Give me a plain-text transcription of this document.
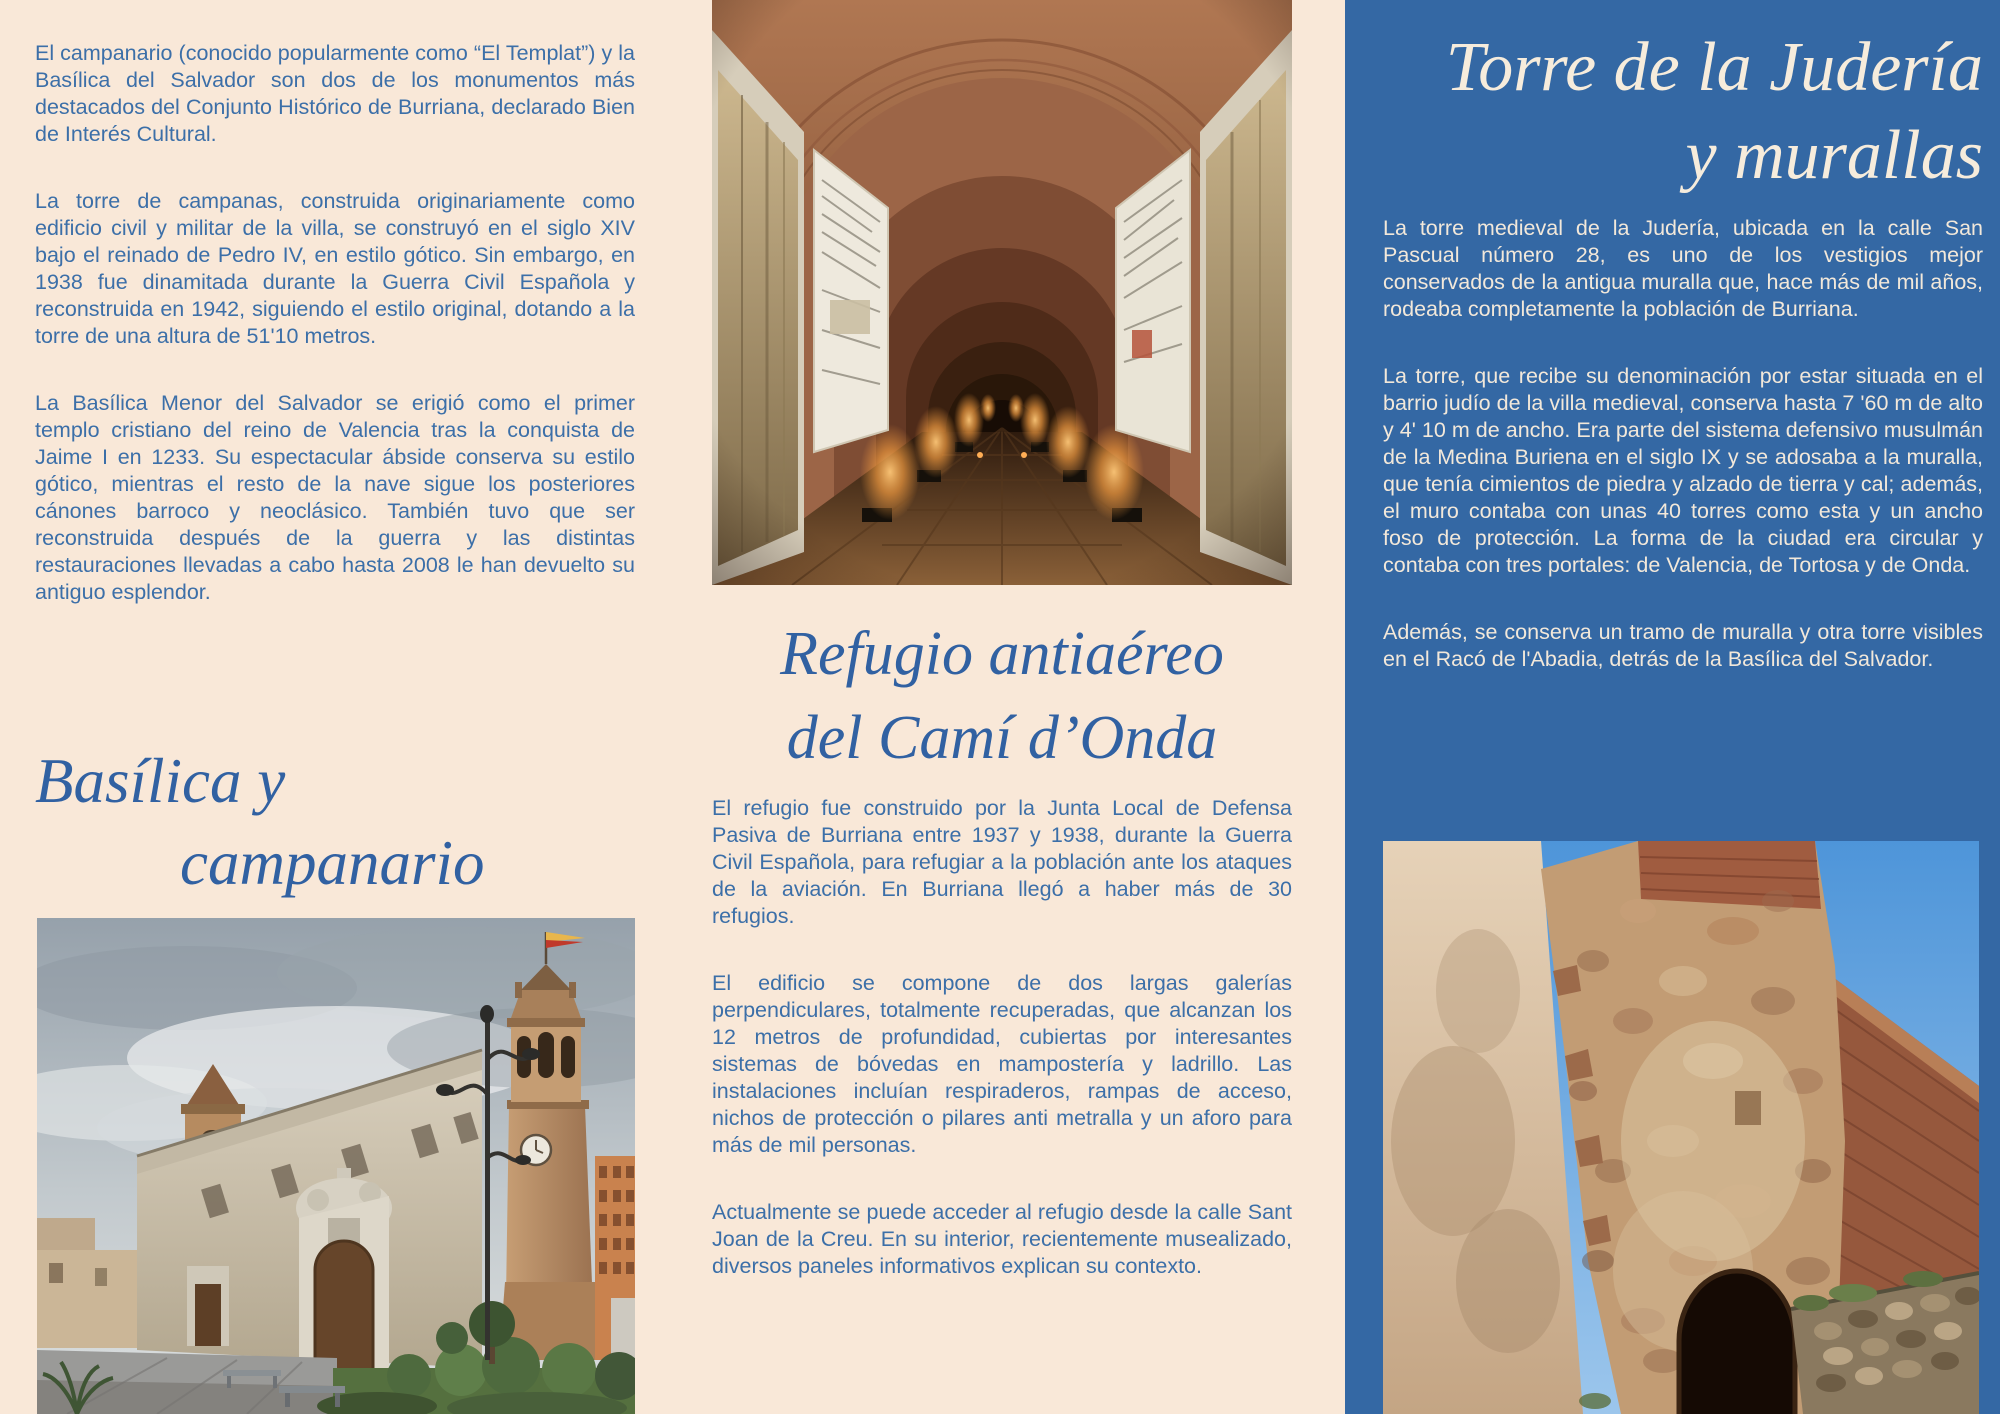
El campanario (conocido popularmente como “El Templat”) y la Basílica del Salvador son dos de los monumentos más destacados del Conjunto Histórico de Burriana, declarado Bien de Interés Cultural.

La torre de campanas, construida originariamente como edificio civil y militar de la villa, se construyó en el siglo XIV bajo el reinado de Pedro IV, en estilo gótico. Sin embargo, en 1938 fue dinamitada durante la Guerra Civil Española y reconstruida en 1942, siguiendo el estilo original, dotando a la torre de una altura de 51'10 metros.

La Basílica Menor del Salvador se erigió como el primer templo cristiano del reino de Valencia tras la conquista de Jaime I en 1233. Su espectacular ábside conserva su estilo gótico, mientras el resto de la nave sigue los posteriores cánones barroco y neoclásico. También tuvo que ser reconstruida después de la guerra y las distintas restauraciones llevadas a cabo hasta 2008 le han devuelto su antiguo esplendor.

Basílica y
campanario
Refugio antiaéreo
del Camí d’Onda

El refugio fue construido por la Junta Local de Defensa Pasiva de Burriana entre 1937 y 1938, durante la Guerra Civil Española, para refugiar a la población ante los ataques de la aviación. En Burriana llegó a haber más de 30 refugios.

El edificio se compone de dos largas galerías perpendiculares, totalmente recuperadas, que alcanzan los 12 metros de profundidad, cubiertas por interesantes sistemas de bóvedas en mampostería y ladrillo. Las instalaciones incluían respiraderos, rampas de acceso, nichos de protección o pilares anti metralla y un aforo para más de mil personas.

Actualmente se puede acceder al refugio desde la calle Sant Joan de la Creu. En su interior, recientemente musealizado, diversos paneles informativos explican su contexto.

Torre de la Judería
y murallas

La torre medieval de la Judería, ubicada en la calle San Pascual número 28, es uno de los vestigios mejor conservados de la antigua muralla que, hace más de mil años, rodeaba completamente la población de Burriana.

La torre, que recibe su denominación por estar situada en el barrio judío de la villa medieval, conserva hasta 7 '60 m de alto y 4' 10 m de ancho. Era parte del sistema defensivo musulmán de la Medina Buriena en el siglo IX y se adosaba a la muralla, que tenía cimientos de piedra y alzado de tierra y cal; además, el muro contaba con unas 40 torres como esta y un ancho foso de protección. La forma de la ciudad era circular y contaba con tres portales: de Valencia, de Tortosa y de Onda.

Además, se conserva un tramo de muralla y otra torre visibles en el Racó de l'Abadia, detrás de la Basílica del Salvador.
